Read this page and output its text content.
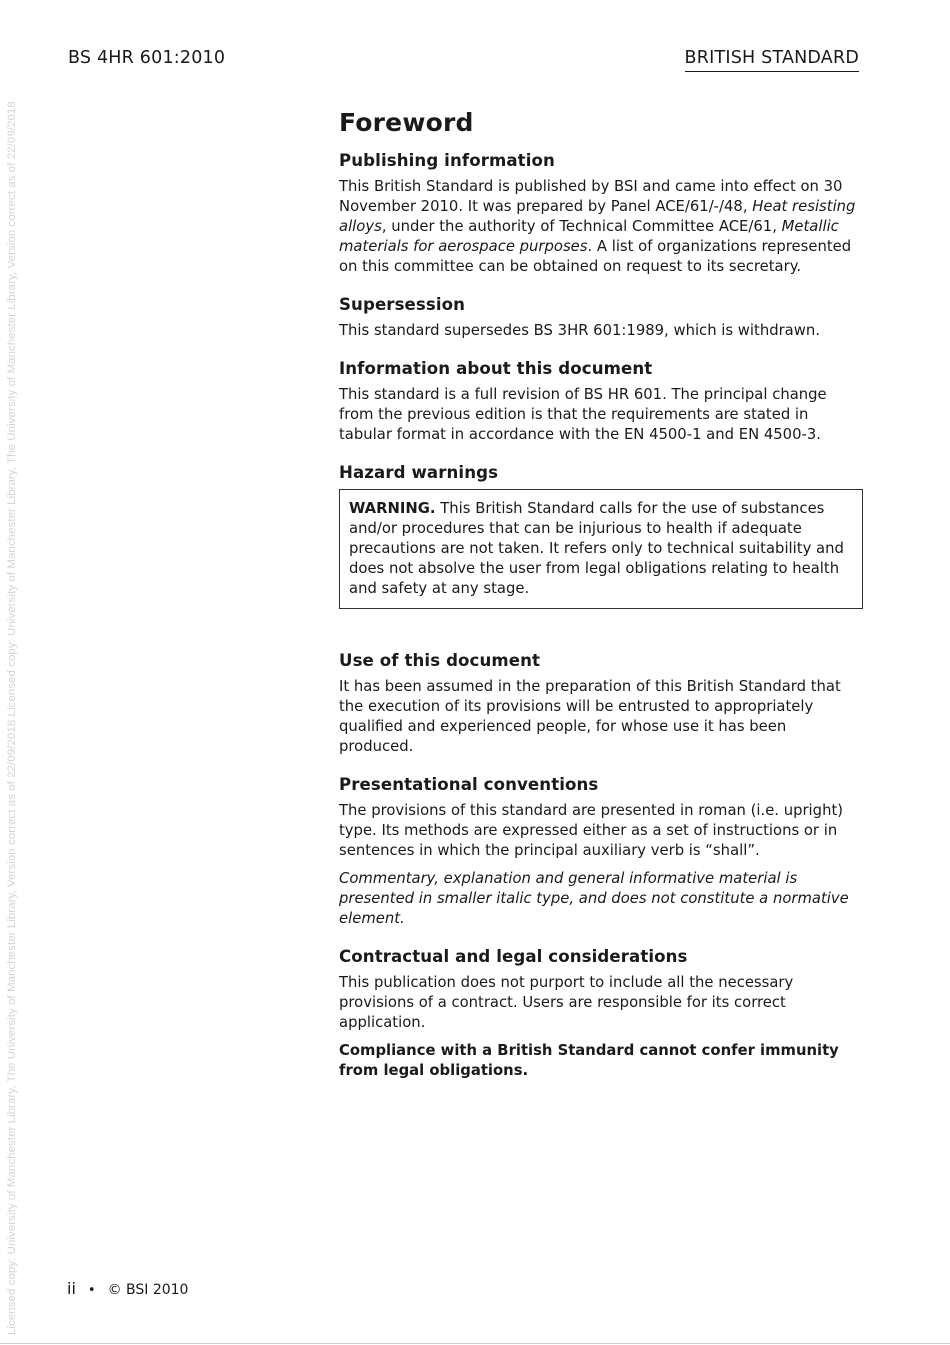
Licensed copy: University of Manchester Library, The University of Manchester Library, Version correct as of 22/09/2018 Licensed copy: University of Manchester Library, The University of Manchester Library, Version correct as of 22/09/2018
BS 4HR 601:2010	BRITISH STANDARD
Foreword
Publishing information

This British Standard is published by BSI and came into effect on 30 November 2010. It was prepared by Panel ACE/61/-/48, Heat resisting alloys, under the authority of Technical Committee ACE/61, Metallic materials for aerospace purposes. A list of organizations represented on this committee can be obtained on request to its secretary.

Supersession

This standard supersedes BS 3HR 601:1989, which is withdrawn.

Information about this document

This standard is a full revision of BS HR 601. The principal change from the previous edition is that the requirements are stated in tabular format in accordance with the EN 4500-1 and EN 4500-3.

Hazard warnings

WARNING. This British Standard calls for the use of substances and/or procedures that can be injurious to health if adequate precautions are not taken. It refers only to technical suitability and does not absolve the user from legal obligations relating to health and safety at any stage.

Use of this document

It has been assumed in the preparation of this British Standard that the execution of its provisions will be entrusted to appropriately qualified and experienced people, for whose use it has been produced.

Presentational conventions

The provisions of this standard are presented in roman (i.e. upright) type. Its methods are expressed either as a set of instructions or in sentences in which the principal auxiliary verb is “shall”.

Commentary, explanation and general informative material is presented in smaller italic type, and does not constitute a normative element.

Contractual and legal considerations

This publication does not purport to include all the necessary provisions of a contract. Users are responsible for its correct application.

Compliance with a British Standard cannot confer immunity from legal obligations.

ii • © BSI 2010
